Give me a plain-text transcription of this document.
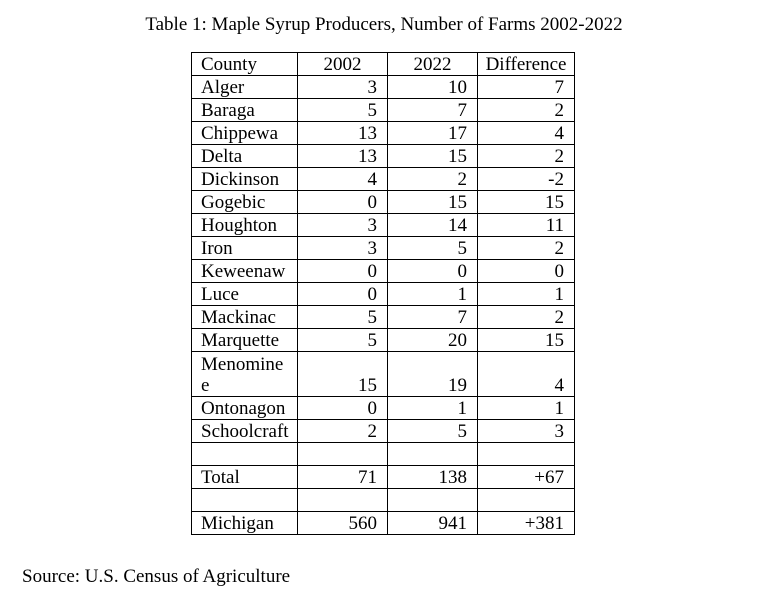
Table 1: Maple Syrup Producers, Number of Farms 2002-2022
County	2002	2022	Difference
Alger	3	10	7
Baraga	5	7	2
Chippewa	13	17	4
Delta	13	15	2
Dickinson	4	2	-2
Gogebic	0	15	15
Houghton	3	14	11
Iron	3	5	2
Keweenaw	0	0	0
Luce	0	1	1
Mackinac	5	7	2
Marquette	5	20	15
Menominee	15	19	4
Ontonagon	0	1	1
Schoolcraft	2	5	3

Total	71	138	+67

Michigan	560	941	+381
Source: U.S. Census of Agriculture
